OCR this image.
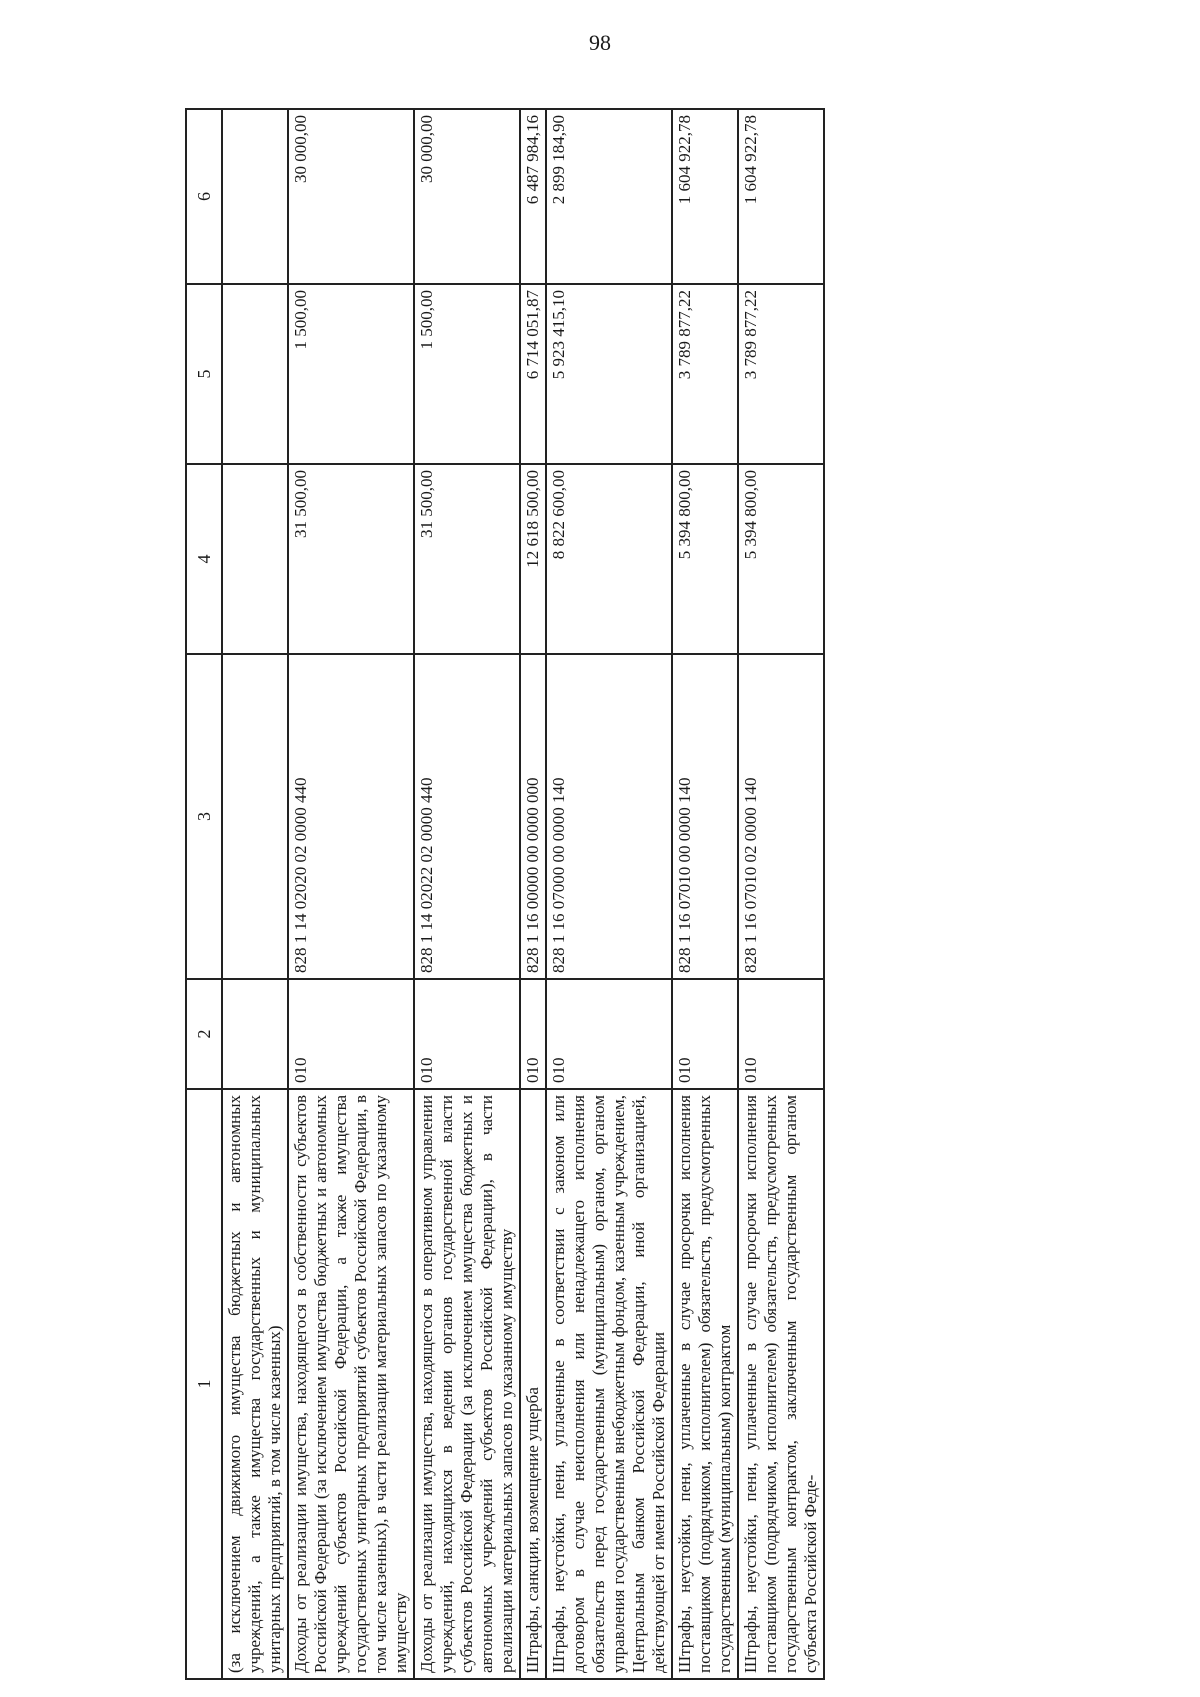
98
1	2	3	4	5	6
(за исключением движимого имущества бюджетных и автономных учреждений, а также имущества государственных и муниципальных унитарных предприятий, в том числе казенных)					
Доходы от реализации имущества, находящегося в собственности субъектов Российской Федерации (за исключением имущества бюджетных и автономных учреждений субъектов Российской Федерации, а также имущества государственных унитарных предприятий субъектов Российской Федерации, в том числе казенных), в части реализации материальных запасов по указанному имуществу	010	828 1 14 02020 02 0000 440	31 500,00	1 500,00	30 000,00
Доходы от реализации имущества, находящегося в оперативном управлении учреждений, находящихся в ведении органов государственной власти субъектов Российской Федерации (за исключением имущества бюджетных и автономных учреждений субъектов Российской Федерации), в части реализации материальных запасов по указанному имуществу	010	828 1 14 02022 02 0000 440	31 500,00	1 500,00	30 000,00
Штрафы, санкции, возмещение ущерба	010	828 1 16 00000 00 0000 000	12 618 500,00	6 714 051,87	6 487 984,16
Штрафы, неустойки, пени, уплаченные в соответствии с законом или договором в случае неисполнения или ненадлежащего исполнения обязательств перед государственным (муниципальным) органом, органом управления государственным внебюджетным фондом, казенным учреждением, Центральным банком Российской Федерации, иной организацией, действующей от имени Российской Федерации	010	828 1 16 07000 00 0000 140	8 822 600,00	5 923 415,10	2 899 184,90
Штрафы, неустойки, пени, уплаченные в случае просрочки исполнения поставщиком (подрядчиком, исполнителем) обязательств, предусмотренных государственным (муниципальным) контрактом	010	828 1 16 07010 00 0000 140	5 394 800,00	3 789 877,22	1 604 922,78
Штрафы, неустойки, пени, уплаченные в случае просрочки исполнения поставщиком (подрядчиком, исполнителем) обязательств, предусмотренных государственным контрактом, заключенным государственным органом субъекта Российской Феде-	010	828 1 16 07010 02 0000 140	5 394 800,00	3 789 877,22	1 604 922,78
